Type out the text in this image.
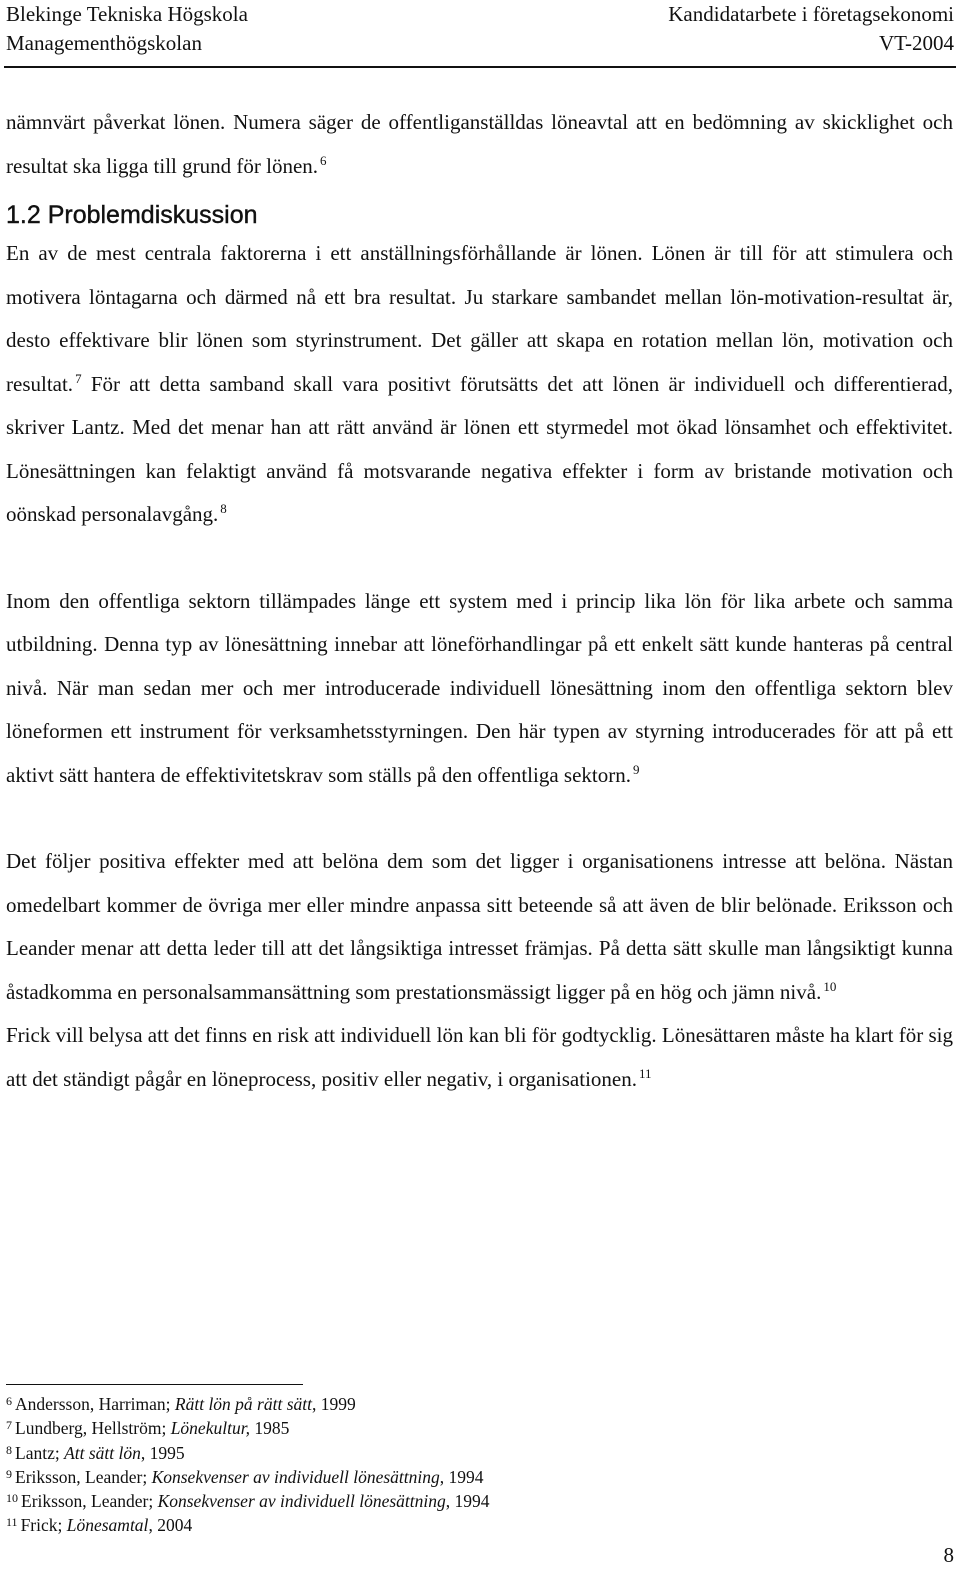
Blekinge Tekniska Högskola
Managementhögskolan
Kandidatarbete i företagsekonomi
VT-2004

nämnvärt påverkat lönen. Numera säger de offentliganställdas löneavtal att en bedömning av skicklighet och resultat ska ligga till grund för lönen. $^6$

1.2 Problemdiskussion

En av de mest centrala faktorerna i ett anställningsförhållande är lönen. Lönen är till för att stimulera och motivera löntagarna och därmed nå ett bra resultat. Ju starkare sambandet mellan lön-motivation-resultat är, desto effektivare blir lönen som styrinstrument. Det gäller att skapa en rotation mellan lön, motivation och resultat. $^7$ För att detta samband skall vara positivt förutsätts det att lönen är individuell och differentierad, skriver Lantz. Med det menar han att rätt använd är lönen ett styrmedel mot ökad lönsamhet och effektivitet. Lönesättningen kan felaktigt använd få motsvarande negativa effekter i form av bristande motivation och oönskad personalavgång. $^8$

Inom den offentliga sektorn tillämpades länge ett system med i princip lika lön för lika arbete och samma utbildning. Denna typ av lönesättning innebar att löneförhandlingar på ett enkelt sätt kunde hanteras på central nivå. När man sedan mer och mer introducerade individuell lönesättning inom den offentliga sektorn blev löneformen ett instrument för verksamhetsstyrningen. Den här typen av styrning introducerades för att på ett aktivt sätt hantera de effektivitetskrav som ställs på den offentliga sektorn. $^9$

Det följer positiva effekter med att belöna dem som det ligger i organisationens intresse att belöna. Nästan omedelbart kommer de övriga mer eller mindre anpassa sitt beteende så att även de blir belönade. Eriksson och Leander menar att detta leder till att det långsiktiga intresset främjas. På detta sätt skulle man långsiktigt kunna åstadkomma en personalsammansättning som prestationsmässigt ligger på en hög och jämn nivå. $^{10}$

Frick vill belysa att det finns en risk att individuell lön kan bli för godtycklig. Lönesättaren måste ha klart för sig att det ständigt pågår en löneprocess, positiv eller negativ, i organisationen. $^{11}$

$^6$ Andersson, Harriman; Rätt lön på rätt sätt, 1999
$^7$ Lundberg, Hellström; Lönekultur, 1985
$^8$ Lantz; Att sätt lön, 1995
$^9$ Eriksson, Leander; Konsekvenser av individuell lönesättning, 1994
$^{10}$ Eriksson, Leander; Konsekvenser av individuell lönesättning, 1994
$^{11}$ Frick; Lönesamtal, 2004
8
